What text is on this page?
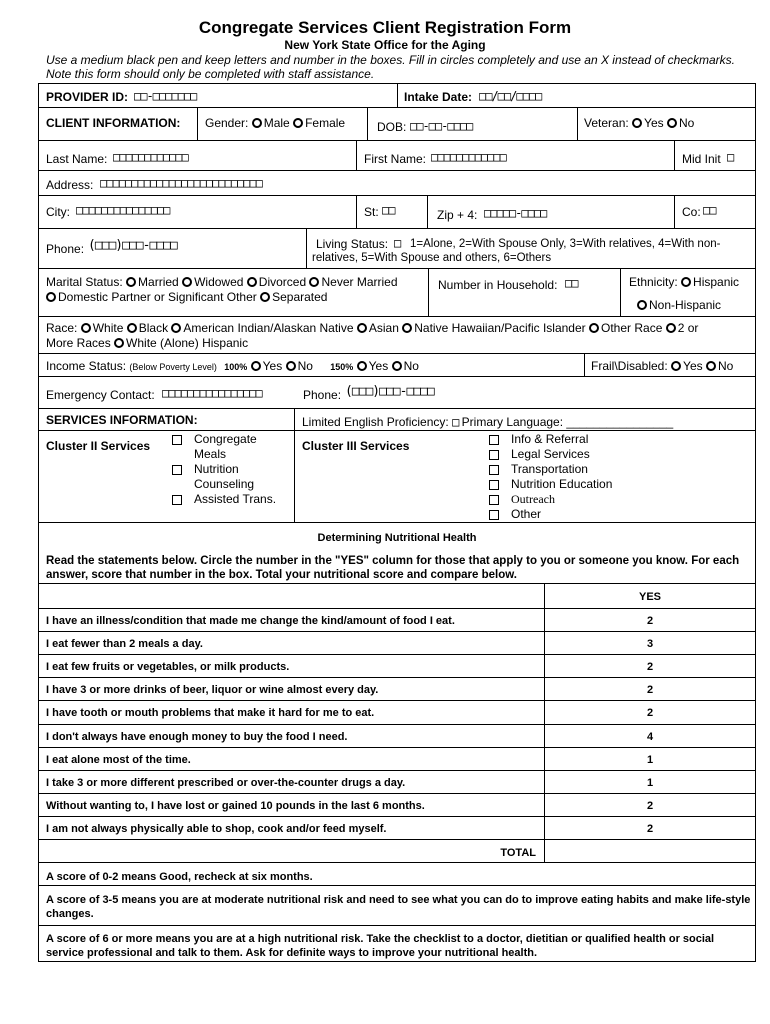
Congregate Services Client Registration Form
New York State Office for the Aging
Use a medium black pen and keep letters and number in the boxes. Fill in circles completely and use an X instead of checkmarks. Note this form should only be completed with staff assistance.
PROVIDER ID: □□-□□□□□□□	Intake Date: □□/□□/□□□□
CLIENT INFORMATION: Gender: Male Female	DOB: □□-□□-□□□□	Veteran: Yes No
Last Name: □□□□□□□□□□□□	First Name: □□□□□□□□□□□□	Mid Init □
Address: □□□□□□□□□□□□□□□□□□□□□□□□□□
City: □□□□□□□□□□□□□□□	St: □□	Zip + 4: □□□□□-□□□□	Co: □□
Phone: (□□□)□□□-□□□□	Living Status: □ 1=Alone, 2=With Spouse Only, 3=With relatives, 4=With non-relatives, 5=With Spouse and others, 6=Others
Marital Status: Married Widowed Divorced Never Married
Domestic Partner or Significant Other Separated
Number in Household: □□	Ethnicity: Hispanic
Non-Hispanic
Race: White Black American Indian/Alaskan Native Asian Native Hawaiian/Pacific Islander Other Race 2 or
More Races White (Alone) Hispanic
Income Status: (Below Poverty Level) 100% Yes No 150% Yes No	Frail\Disabled: Yes No
Emergency Contact: □□□□□□□□□□□□□□□□	Phone: (□□□)□□□-□□□□
SERVICES INFORMATION:	Limited English Proficiency: □ Primary Language: ________________
Cluster II Services	Congregate Meals
Nutrition Counseling
Assisted Trans.
Cluster III Services	Info & Referral
Legal Services
Transportation
Nutrition Education
Outreach
Other
Determining Nutritional Health
Read the statements below. Circle the number in the "YES" column for those that apply to you or someone you know. For each answer, score that number in the box. Total your nutritional score and compare below.
YES
I have an illness/condition that made me change the kind/amount of food I eat.	2
I eat fewer than 2 meals a day.	3
I eat few fruits or vegetables, or milk products.	2
I have 3 or more drinks of beer, liquor or wine almost every day.	2
I have tooth or mouth problems that make it hard for me to eat.	2
I don't always have enough money to buy the food I need.	4
I eat alone most of the time.	1
I take 3 or more different prescribed or over-the-counter drugs a day.	1
Without wanting to, I have lost or gained 10 pounds in the last 6 months.	2
I am not always physically able to shop, cook and/or feed myself.	2
TOTAL
A score of 0-2 means Good, recheck at six months.
A score of 3-5 means you are at moderate nutritional risk and need to see what you can do to improve eating habits and make life-style changes.
A score of 6 or more means you are at a high nutritional risk. Take the checklist to a doctor, dietitian or qualified health or social service professional and talk to them. Ask for definite ways to improve your nutritional health.
